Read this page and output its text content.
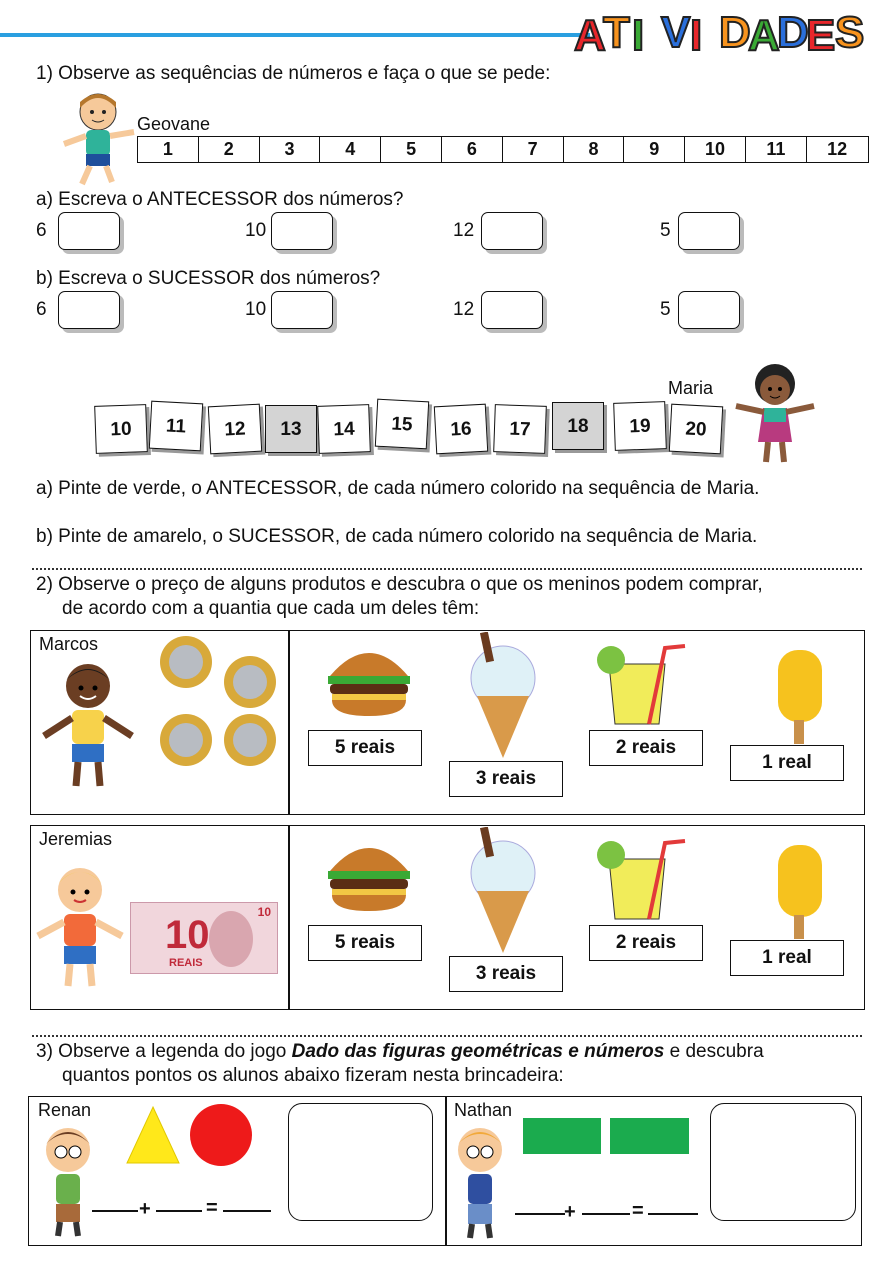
A
T I V I D
A
D
E S
1) Observe as sequências de números e faça o que se pede:
Geovane
1	2	3	4	5	6	7	8	9	10	11	12
a) Escreva o ANTECESSOR dos números?
6	10	12	5
b) Escreva o SUCESSOR dos números?
6	10	12	5
Maria
10	11	12	13	14	15	16	17	18	19	20
a) Pinte de verde, o ANTECESSOR, de cada número colorido na sequência de Maria.
b) Pinte de amarelo, o SUCESSOR, de cada número colorido na sequência de Maria.
2) Observe o preço de alguns produtos e descubra o que os meninos podem comprar,
de acordo com a quantia que cada um deles têm:
Marcos
5 reais
3 reais
2 reais
1 real
Jeremias
10
REAIS
10
5 reais
3 reais
2 reais
1 real
3) Observe a legenda do jogo Dado das figuras geométricas e números e descubra
quantos pontos os alunos abaixo fizeram nesta brincadeira:
Renan
+	=
Nathan
+	=
